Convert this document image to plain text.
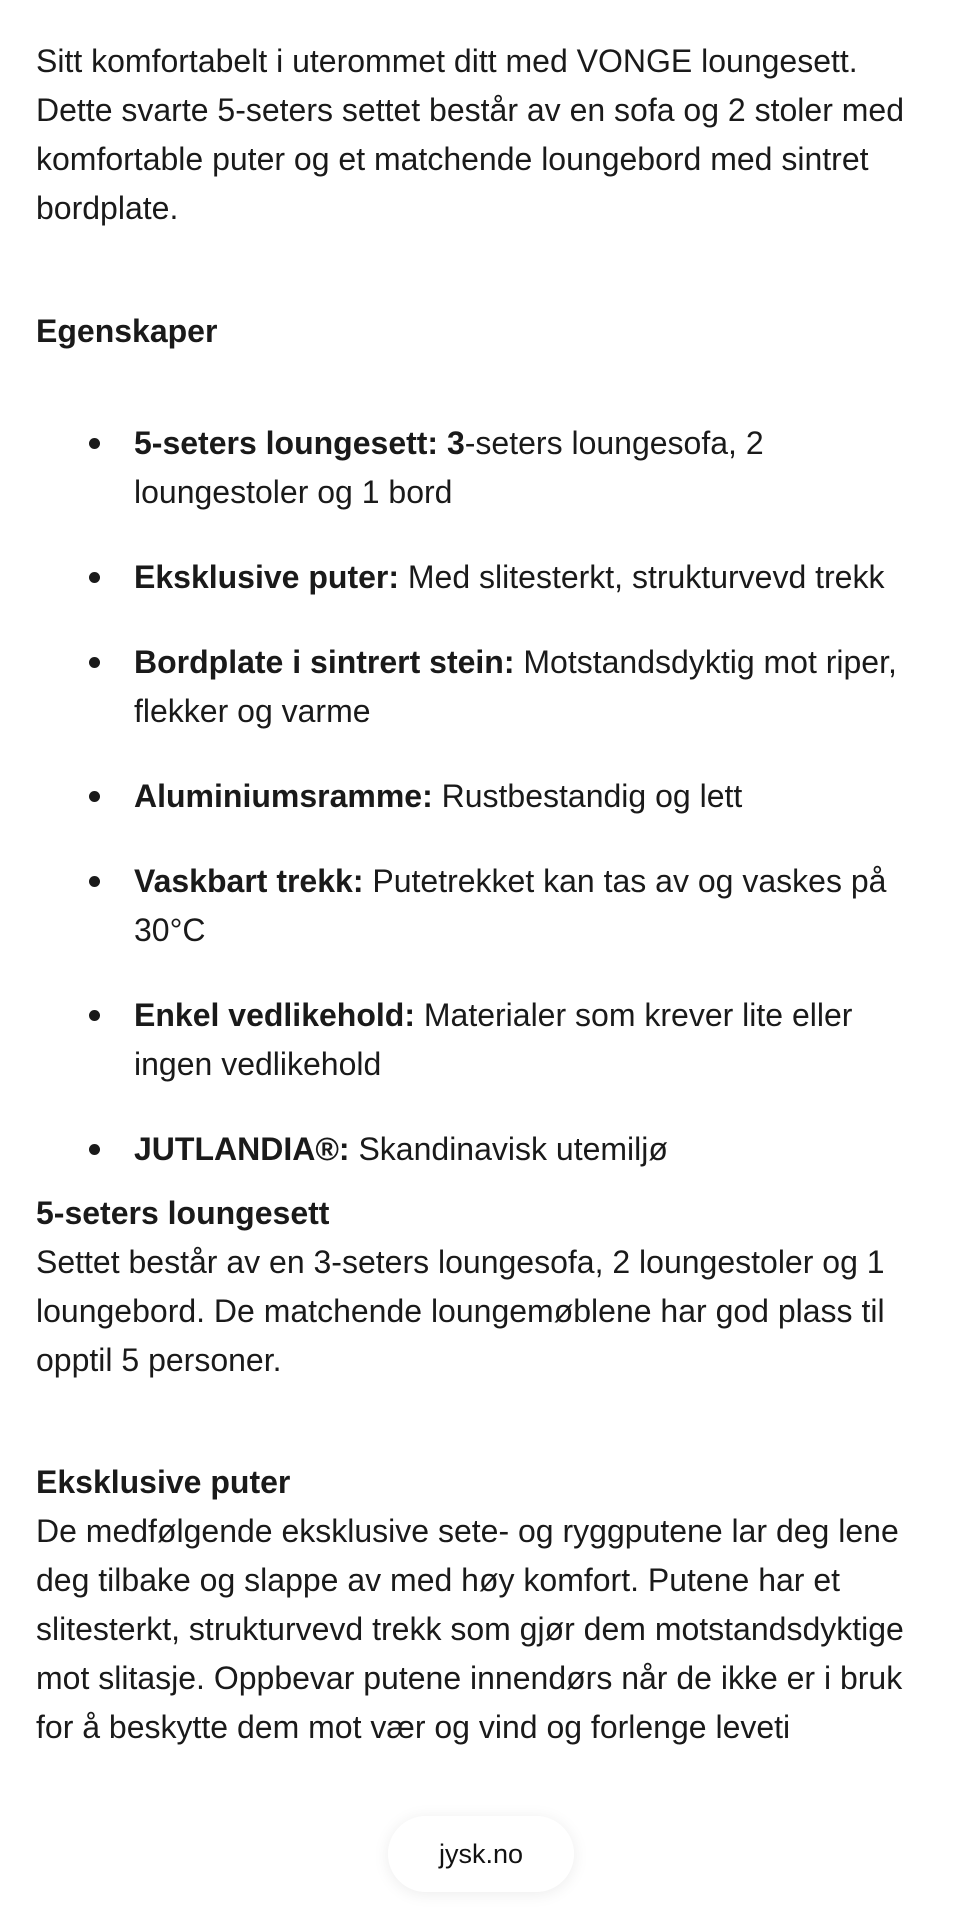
Sitt komfortabelt i uterommet ditt med VONGE loungesett. Dette svarte 5-seters settet består av en sofa og 2 stoler med komfortable puter og et matchende loungebord med sintret bordplate.

Egenskaper
5-seters loungesett: 3-seters loungesofa, 2 loungestoler og 1 bord
Eksklusive puter: Med slitesterkt, strukturvevd trekk
Bordplate i sintrert stein: Motstandsdyktig mot riper, flekker og varme
Aluminiumsramme: Rustbestandig og lett
Vaskbart trekk: Putetrekket kan tas av og vaskes på 30°C
Enkel vedlikehold: Materialer som krever lite eller ingen vedlikehold
JUTLANDIA®: Skandinavisk utemiljø
5-seters loungesett

Settet består av en 3-seters loungesofa, 2 loungestoler og 1 loungebord. De matchende loungemøblene har god plass til opptil 5 personer.

Eksklusive puter

De medfølgende eksklusive sete- og ryggputene lar deg lene deg tilbake og slappe av med høy komfort. Putene har et slitesterkt, strukturvevd trekk som gjør dem motstandsdyktige mot slitasje. Oppbevar putene innendørs når de ikke er i bruk for å beskytte dem mot vær og vind og forlenge leveti

jysk.no
